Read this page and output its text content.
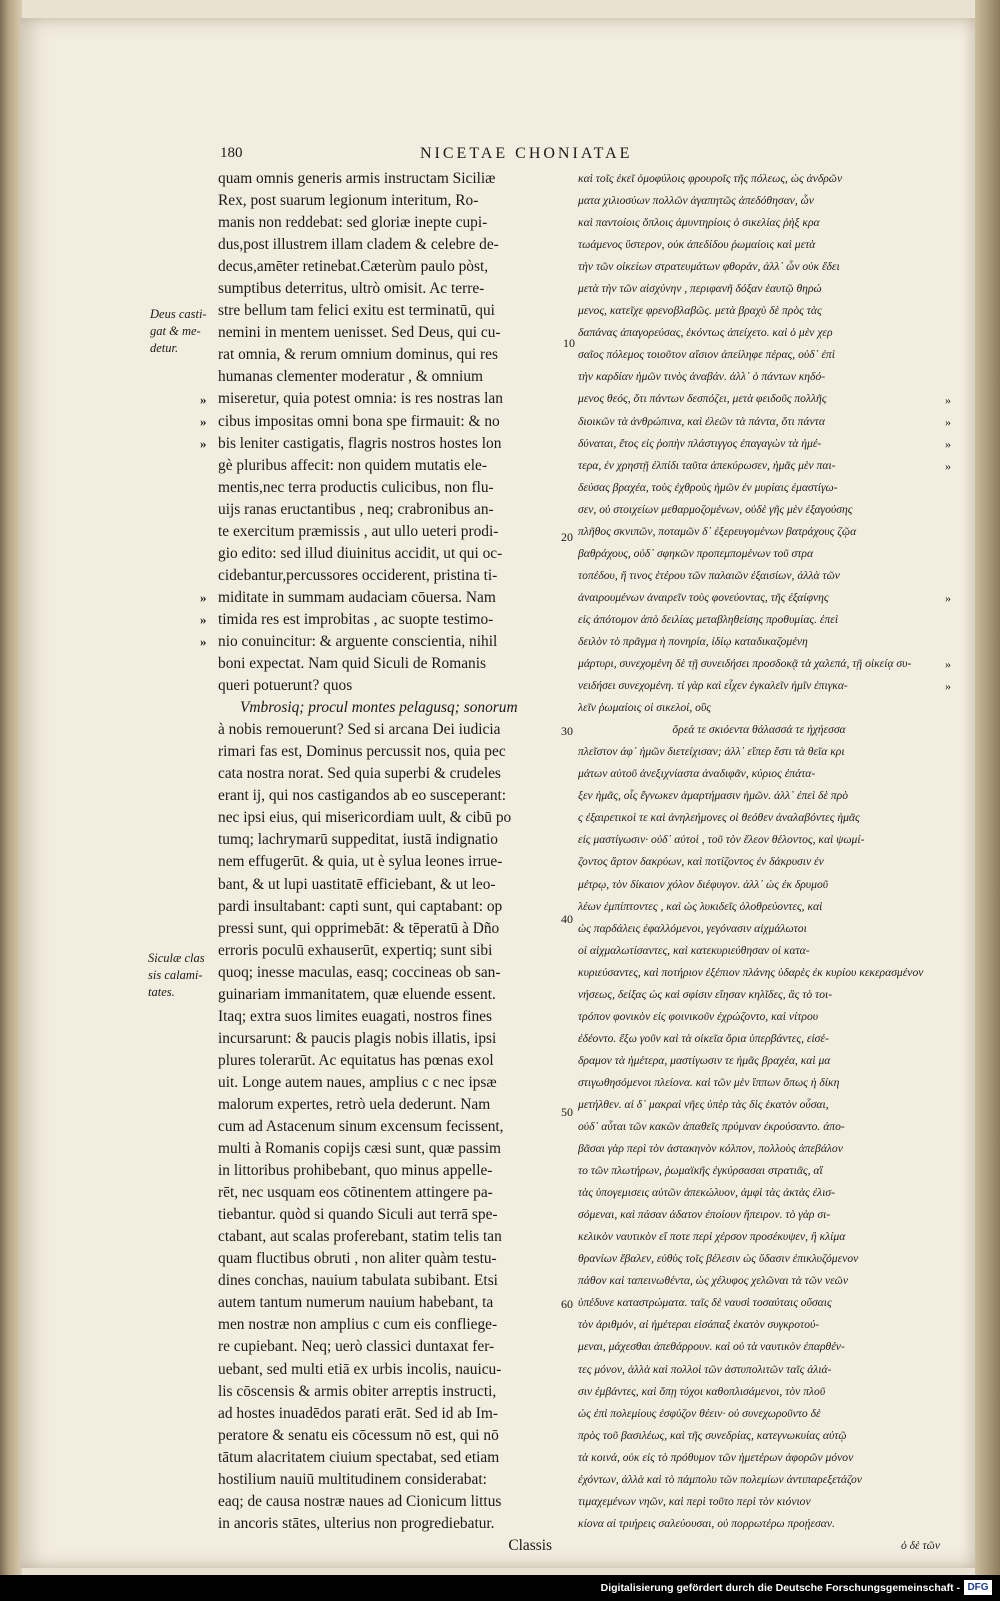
180	NICETAE CHONIATAE
Deus casti-
gat & me-
detur.
Siculæ clas
sis calami-
tates.
quam omnis generis armis instructam Siciliæ
Rex, post suarum legionum interitum, Ro-
manis non reddebat: sed gloriæ inepte cupi-
dus,post illustrem illam cladem & celebre de-
decus,amēter retinebat.Cæterùm paulo pòst,
sumptibus deterritus, ultrò omisit. Ac terre-
stre bellum tam felici exitu est terminatū, qui
nemini in mentem uenisset. Sed Deus, qui cu-
rat omnia, & rerum omnium dominus, qui res
humanas clementer moderatur , & omnium
miseretur, quia potest omnia: is res nostras lan
cibus impositas omni bona spe firmauit: & no
bis leniter castigatis, flagris nostros hostes lon
gè pluribus affecit: non quidem mutatis ele-
mentis,nec terra productis culicibus, non flu-
uijs ranas eructantibus , neq; crabronibus an-
te exercitum præmissis , aut ullo ueteri prodi-
gio edito: sed illud diuinitus accidit, ut qui oc-
cidebantur,percussores occiderent, pristina ti-
miditate in summam audaciam cōuersa. Nam
timida res est improbitas , ac suopte testimo-
nio conuincitur: & arguente conscientia, nihil
boni expectat. Nam quid Siculi de Romanis
queri potuerunt? quos
Vmbrosiq; procul montes pelagusq; sonorum
à nobis remouerunt? Sed si arcana Dei iudicia
rimari fas est, Dominus percussit nos, quia pec
cata nostra norat. Sed quia superbi & crudeles
erant ij, qui nos castigandos ab eo susceperant:
nec ipsi eius, qui misericordiam uult, & cibū po
tumq; lachrymarū suppeditat, iustā indignatio
nem effugerūt. & quia, ut è sylua leones irrue-
bant, & ut lupi uastitatē efficiebant, & ut leo-
pardi insultabant: capti sunt, qui captabant: op
pressi sunt, qui opprimebāt: & tēperatū à Dño
erroris poculū exhauserūt, expertiq; sunt sibi
quoq; inesse maculas, easq; coccineas ob san-
guinariam immanitatem, quæ eluende essent.
Itaq; extra suos limites euagati, nostros fines
incursarunt: & paucis plagis nobis illatis, ipsi
plures tolerarūt. Ac equitatus has pœnas exol
uit. Longe autem naues, amplius c c nec ipsæ
malorum expertes, retrò uela dederunt. Nam
cum ad Astacenum sinum excensum fecissent,
multi à Romanis copijs cæsi sunt, quæ passim
in littoribus prohibebant, quo minus appelle-
rēt, nec usquam eos cōtinentem attingere pa-
tiebantur. quòd si quando Siculi aut terrā spe-
ctabant, aut scalas proferebant, statim telis tan
quam fluctibus obruti , non aliter quàm testu-
dines conchas, nauium tabulata subibant. Etsi
autem tantum numerum nauium habebant, ta
men nostræ non amplius c cum eis confliege-
re cupiebant. Neq; uerò classici duntaxat fer-
uebant, sed multi etiā ex urbis incolis, nauicu-
lis cōscensis & armis obiter arreptis instructi,
ad hostes inuadēdos parati erāt. Sed id ab Im-
peratore & senatu eis cōcessum nō est, qui nō
tātum alacritatem ciuium spectabat, sed etiam
hostilium nauiū multitudinem considerabat:
eaq; de causa nostræ naues ad Cionicum littus
in ancoris stātes, ulterius non progrediebatur.
Classis
καὶ τοῖς ἐκεῖ ὁμοφύλοις φρουροῖς τῆς πόλεως, ὡς ἀνδρῶν
ματα χιλιοσύων πολλῶν ἀγαπητῶς ἀπεδόθησαν, ὧν
καὶ παντοίοις ὅπλοις ἀμυντηρίοις ὁ σικελίας ῥὴξ κρα
τωάμενος ὕστερον, οὐκ ἀπεδίδου ῥωμαίοις καὶ μετὰ
τὴν τῶν οἰκείων στρατευμάτων φθοράν, ἀλλ᾽ ὧν οὐκ ἔδει
μετὰ τὴν τῶν αἰσχύνην , περιφανῆ δόξαν ἑαυτῷ θηρώ
μενος, κατεῖχε φρενοβλαβῶς. μετὰ βραχὺ δὲ πρὸς τὰς
δαπάνας ἀπαγορεύσας, ἑκόντως ἀπείχετο. καὶ ὁ μὲν χερ
σαῖος πόλεμος τοιοῦτον αἴσιον ἀπείληφε πέρας, οὐδ᾽ ἐπὶ
τὴν καρδίαν ἡμῶν τινὸς ἀναβάν. ἀλλ᾽ ὁ πάντων κηδό-
μενος θεός, ὅτι πάντων δεσπόζει, μετὰ φειδοῦς πολλῆς
διοικῶν τὰ ἀνθρώπινα, καὶ ἐλεῶν τὰ πάντα, ὅτι πάντα
δύναται, ἔτος εἰς ῥοπὴν πλάστιγγος ἐπαγαγὼν τὰ ἡμέ-
τερα, ἐν χρηστῇ ἐλπίδι ταῦτα ἀπεκύρωσεν, ἡμᾶς μὲν παι-
δεύσας βραχέα, τοὺς ἐχθροὺς ἡμῶν ἐν μυρίαις ἐμαστίγω-
σεν, οὐ στοιχείων μεθαρμοζομένων, οὐδὲ γῆς μὲν ἐξαγούσης
πλῆθος σκνιπῶν, ποταμῶν δ᾽ ἐξερευγομένων βατράχους ζῷα
βαθράχους, οὐδ᾽ σφηκῶν προπεμπομένων τοῦ στρα
τοπέδου, ἤ τινος ἑτέρου τῶν παλαιῶν ἐξαισίων, ἀλλὰ τῶν
ἀναιρουμένων ἀναιρεῖν τοὺς φονεύοντας, τῆς ἐξαίφνης
εἰς ἀπότομον ἀπὸ δειλίας μεταβληθείσης προθυμίας. ἐπεὶ
δειλὸν τὸ πρᾶγμα ἡ πονηρία, ἰδίῳ καταδικαζομένη
μάρτυρι, συνεχομένη δὲ τῇ συνειδήσει προσδοκᾷ τὰ χαλεπά, τῇ οἰκείᾳ συ-
νειδήσει συνεχομένη. τί γὰρ καὶ εἶχεν ἐγκαλεῖν ἡμῖν ἐπιγκα-
λεῖν ῥωμαίοις οἱ σικελοί, οὓς
ὄρεά τε σκιόεντα θάλασσά τε ἠχήεσσα
πλεῖστον ἀφ᾽ ἡμῶν διετείχισαν; ἀλλ᾽ εἴπερ ἔστι τὰ θεῖα κρι
μάτων αὐτοῦ ἀνεξιχνίαστα ἀναδιφᾶν, κύριος ἐπάτα-
ξεν ἡμᾶς, οἷς ἔγνωκεν ἁμαρτήμασιν ἡμῶν. ἀλλ᾽ ἐπεὶ δὲ πρὸ
ς ἐξαιρετικοὶ τε καὶ ἀνηλεήμονες οἱ θεόθεν ἀναλαβόντες ἡμᾶς
εἰς μαστίγωσιν· οὐδ᾽ αὐτοὶ , τοῦ τὸν ἔλεον θέλοντος, καὶ ψωμί-
ζοντος ἄρτον δακρύων, καὶ ποτίζοντος ἐν δάκρυσιν ἐν
μέτρῳ, τὸν δίκαιον χόλον διέφυγον. ἀλλ᾽ ὡς ἐκ δρυμοῦ
λέων ἐμπίπτοντες , καὶ ὡς λυκιδεῖς ὀλοθρεύοντες, καὶ
ὡς παρδάλεις ἐφαλλόμενοι, γεγόνασιν αἰχμάλωτοι
οἱ αἰχμαλωτίσαντες, καὶ κατεκυριεύθησαν οἱ κατα-
κυριεύσαντες, καὶ ποτήριον ἐξέπιον πλάνης ὑδαρὲς ἐκ κυρίου κεκερασμένον
νήσεως, δείξας ὡς καὶ σφίσιν εἴησαν κηλῖδες, ἃς τὸ τοι-
τρόπον φονικὸν εἰς φοινικοῦν ἐχρώζοντο, καὶ νίτρου
ἐδέοντο. ἔξω γοῦν καὶ τὰ οἰκεῖα ὅρια ὑπερβάντες, εἰσέ-
δραμον τὰ ἡμέτερα, μαστίγωσιν τε ἡμᾶς βραχέα, καὶ μα
στιγωθησόμενοι πλείονα. καὶ τῶν μὲν ἵππων ὅπως ἡ δίκη
μετήλθεν. αἱ δ᾽ μακραὶ νῆες ὑπὲρ τὰς δὶς ἑκατὸν οὖσαι,
οὐδ᾽ αὗται τῶν κακῶν ἀπαθεῖς πρύμναν ἐκρούσαντο. ἀπο-
βᾶσαι γὰρ περὶ τὸν ἀστακηνὸν κόλπον, πολλοὺς ἀπεβάλον
το τῶν πλωτήρων, ῥωμαϊκῆς ἐγκύρσασαι στρατιᾶς, αἳ
τὰς ὑπογεμισεις αὐτῶν ἀπεκώλυον, ἀμφὶ τὰς ἀκτὰς ἐλισ-
σόμεναι, καὶ πάσαν ἀδατον ἐποίουν ἤπειρον. τὸ γὰρ σι-
κελικὸν ναυτικὸν εἴ ποτε περὶ χέρσον προσέκυψεν, ἢ κλίμα
θρανίων ἔβαλεν, εὐθὺς τοῖς βέλεσιν ὡς ὕδασιν ἐπικλυζόμενον
πάθον καὶ ταπεινωθέντα, ὡς χέλυφος χελῶναι τὰ τῶν νεῶν
ὑπέδυνε καταστρώματα. ταῖς δὲ ναυσὶ τοσαύταις οὔσαις
τὸν ἀριθμόν, αἱ ἡμέτεραι εἰσάπαξ ἑκατὸν συγκροτού-
μεναι, μάχεσθαι ἀπεθάρρουν. καὶ οὐ τὰ ναυτικὸν ἐπαρθέν-
τες μόνον, ἀλλὰ καὶ πολλοὶ τῶν ἀστυπολιτῶν ταῖς ἀλιά-
σιν ἐμβάντες, καὶ ὅπῃ τύχοι καθοπλισάμενοι, τὸν πλοῦ
ὡς ἐπὶ πολεμίους ἐσφύζον θέειν· οὐ συνεχωροῦντο δὲ
πρὸς τοῦ βασιλέως, καὶ τῆς συνεδρίας, κατεγνωκυίας αὐτῷ
τὰ κοινά, οὐκ εἰς τὸ πρόθυμον τῶν ἡμετέρων ἀφορῶν μόνον
ἐχόντων, ἀλλὰ καὶ τὸ πάμπολυ τῶν πολεμίων ἀντιπαρεξετάζον
τιμαχεμένων νηῶν, καὶ περὶ τοῦτο περὶ τὸν κιόνιον
κίονα αἱ τριήρεις σαλεύουσαι, οὐ πορρωτέρω προῄεσαν.
ὁ δὲ τῶν
»
»
»
»
»
»
»
»
»
»
»
»
»
10
20
30
40
50
60
Digitalisierung gefördert durch die Deutsche Forschungsgemeinschaft - DFG
